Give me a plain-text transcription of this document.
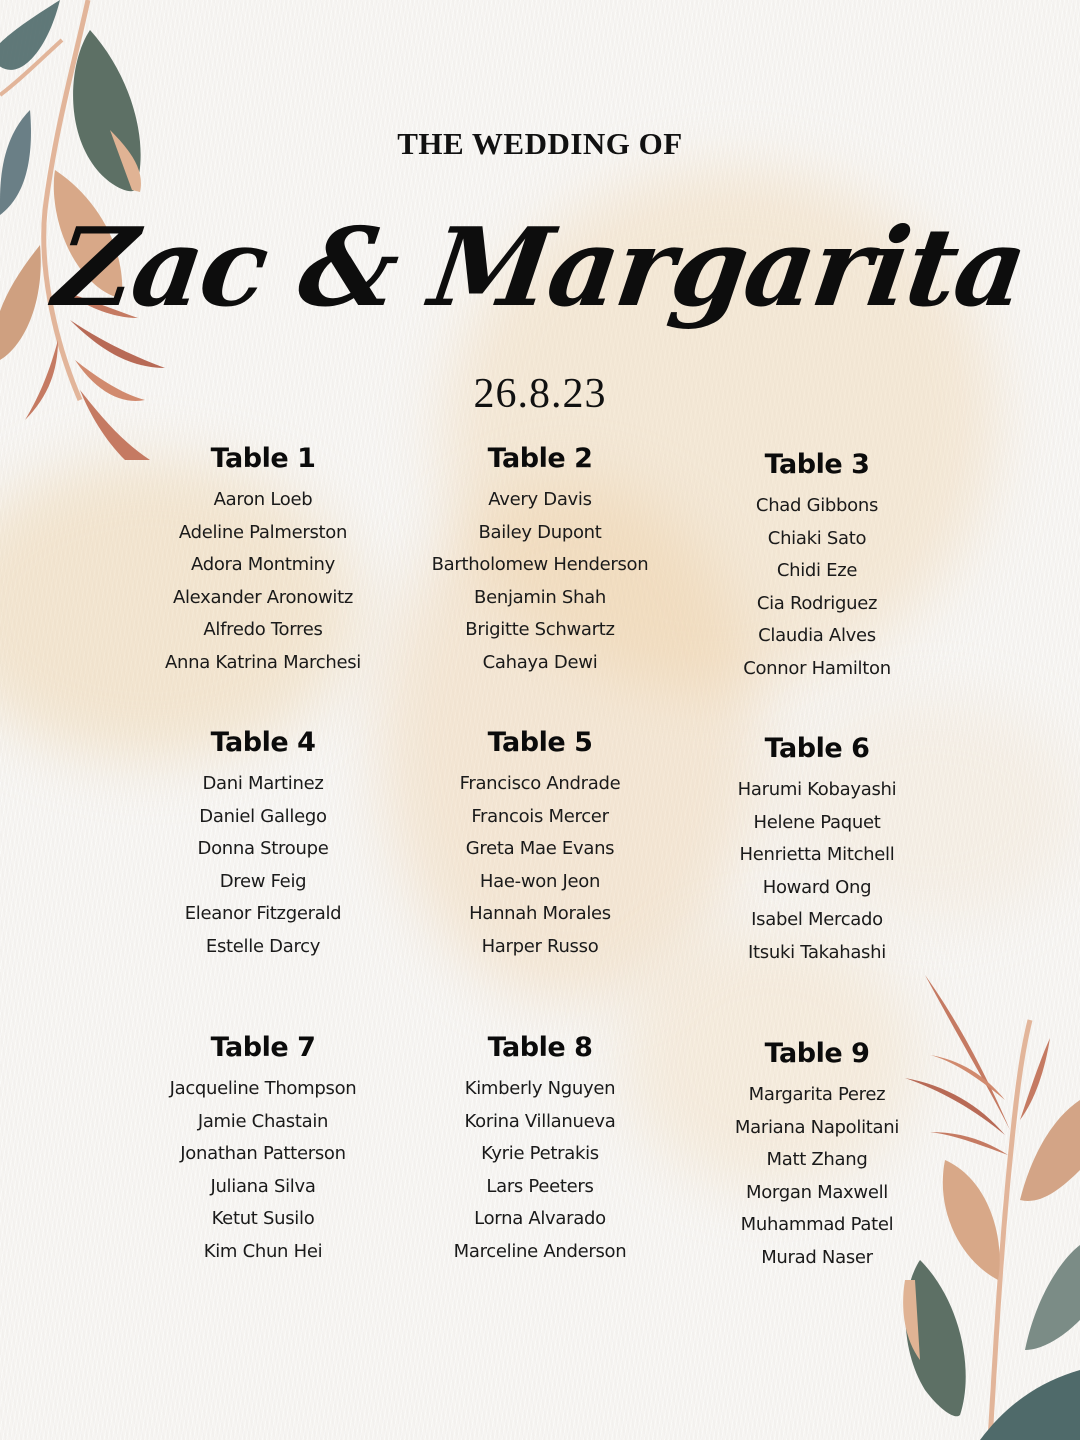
THE WEDDING OF
Zac & Margarita
26.8.23
Table 1
Aaron Loeb
Adeline Palmerston
Adora Montminy
Alexander Aronowitz
Alfredo Torres
Anna Katrina Marchesi
Table 2
Avery Davis
Bailey Dupont
Bartholomew Henderson
Benjamin Shah
Brigitte Schwartz
Cahaya Dewi
Table 3
Chad Gibbons
Chiaki Sato
Chidi Eze
Cia Rodriguez
Claudia Alves
Connor Hamilton
Table 4
Dani Martinez
Daniel Gallego
Donna Stroupe
Drew Feig
Eleanor Fitzgerald
Estelle Darcy
Table 5
Francisco Andrade
Francois Mercer
Greta Mae Evans
Hae-won Jeon
Hannah Morales
Harper Russo
Table 6
Harumi Kobayashi
Helene Paquet
Henrietta Mitchell
Howard Ong
Isabel Mercado
Itsuki Takahashi
Table 7
Jacqueline Thompson
Jamie Chastain
Jonathan Patterson
Juliana Silva
Ketut Susilo
Kim Chun Hei
Table 8
Kimberly Nguyen
Korina Villanueva
Kyrie Petrakis
Lars Peeters
Lorna Alvarado
Marceline Anderson
Table 9
Margarita Perez
Mariana Napolitani
Matt Zhang
Morgan Maxwell
Muhammad Patel
Murad Naser
